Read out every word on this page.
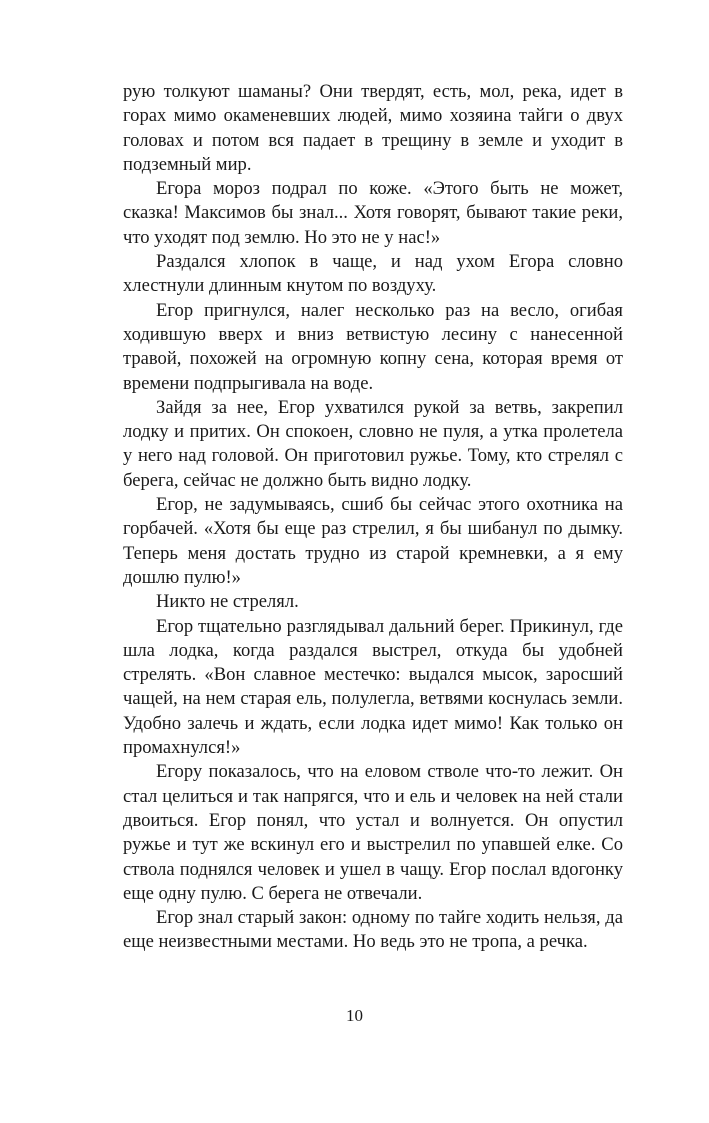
рую толкуют шаманы? Они твердят, есть, мол, река, идет в горах мимо окаменевших людей, мимо хозяина тайги о двух головах и потом вся падает в трещину в земле и уходит в подземный мир.

Егора мороз подрал по коже. «Этого быть не может, сказка! Максимов бы знал... Хотя говорят, бывают такие реки, что уходят под землю. Но это не у нас!»

Раздался хлопок в чаще, и над ухом Егора словно хлестнули длинным кнутом по воздуху.

Егор пригнулся, налег несколько раз на весло, огибая ходившую вверх и вниз ветвистую лесину с нанесенной травой, похожей на огромную копну сена, которая время от времени подпрыгивала на воде.

Зайдя за нее, Егор ухватился рукой за ветвь, закрепил лодку и притих. Он спокоен, словно не пуля, а утка пролетела у него над головой. Он приготовил ружье. Тому, кто стрелял с берега, сейчас не должно быть видно лодку.

Егор, не задумываясь, сшиб бы сейчас этого охотника на горбачей. «Хотя бы еще раз стрелил, я бы шибанул по дымку. Теперь меня достать трудно из старой кремневки, а я ему дошлю пулю!»

Никто не стрелял.

Егор тщательно разглядывал дальний берег. Прикинул, где шла лодка, когда раздался выстрел, откуда бы удобней стрелять. «Вон славное местечко: выдался мысок, заросший чащей, на нем старая ель, полулегла, ветвями коснулась земли. Удобно залечь и ждать, если лодка идет мимо! Как только он промахнулся!»

Егору показалось, что на еловом стволе что-то лежит. Он стал целиться и так напрягся, что и ель и человек на ней стали двоиться. Егор понял, что устал и волнуется. Он опустил ружье и тут же вскинул его и выстрелил по упавшей елке. Со ствола поднялся человек и ушел в чащу. Егор послал вдогонку еще одну пулю. С берега не отвечали.

Егор знал старый закон: одному по тайге ходить нельзя, да еще неизвестными местами. Но ведь это не тропа, а речка.

10
